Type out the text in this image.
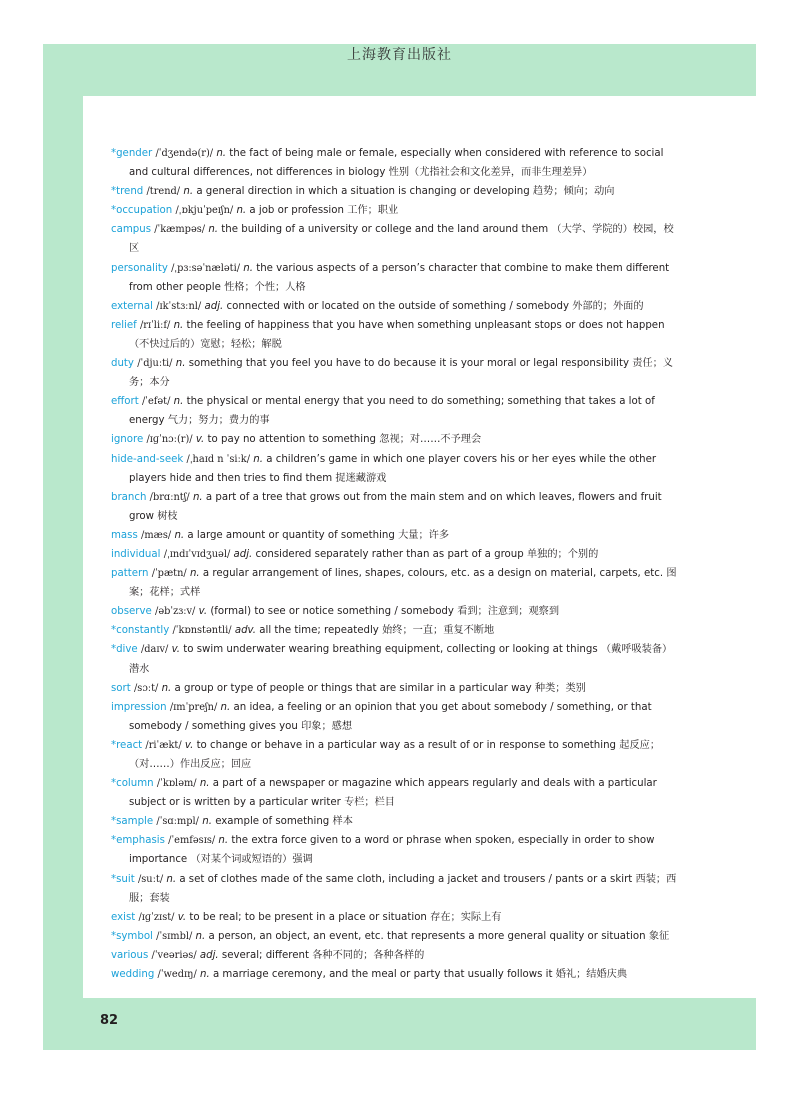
上海教育出版社
*gender /ˈdʒendə(r)/ n. the fact of being male or female, especially when considered with reference to social and cultural differences, not differences in biology 性别（尤指社会和文化差异，而非生理差异）
*trend /trend/ n. a general direction in which a situation is changing or developing 趋势；倾向；动向
*occupation /ˌɒkjuˈpeɪʃn/ n. a job or profession 工作；职业
campus /ˈkæmpəs/ n. the building of a university or college and the land around them （大学、学院的）校园，校区
personality /ˌpɜːsəˈnæləti/ n. the various aspects of a person’s character that combine to make them different from other people 性格；个性；人格
external /ɪkˈstɜːnl/ adj. connected with or located on the outside of something / somebody 外部的；外面的
relief /rɪˈliːf/ n. the feeling of happiness that you have when something unpleasant stops or does not happen （不快过后的）宽慰；轻松；解脱
duty /ˈdjuːti/ n. something that you feel you have to do because it is your moral or legal responsibility 责任；义务；本分
effort /ˈefət/ n. the physical or mental energy that you need to do something; something that takes a lot of energy 气力；努力；费力的事
ignore /ɪɡˈnɔː(r)/ v. to pay no attention to something 忽视；对……不予理会
hide-and-seek /ˌhaɪd n ˈsiːk/ n. a children’s game in which one player covers his or her eyes while the other players hide and then tries to find them 捉迷藏游戏
branch /brɑːntʃ/ n. a part of a tree that grows out from the main stem and on which leaves, flowers and fruit grow 树枝
mass /mæs/ n. a large amount or quantity of something 大量；许多
individual /ˌɪndɪˈvɪdʒuəl/ adj. considered separately rather than as part of a group 单独的；个别的
pattern /ˈpætn/ n. a regular arrangement of lines, shapes, colours, etc. as a design on material, carpets, etc. 图案；花样；式样
observe /əbˈzɜːv/ v. (formal) to see or notice something / somebody 看到；注意到；观察到
*constantly /ˈkɒnstəntli/ adv. all the time; repeatedly 始终；一直；重复不断地
*dive /daɪv/ v. to swim underwater wearing breathing equipment, collecting or looking at things （戴呼吸装备）潜水
sort /sɔːt/ n. a group or type of people or things that are similar in a particular way 种类；类别
impression /ɪmˈpreʃn/ n. an idea, a feeling or an opinion that you get about somebody / something, or that somebody / something gives you 印象；感想
*react /riˈækt/ v. to change or behave in a particular way as a result of or in response to something 起反应；（对……）作出反应；回应
*column /ˈkɒləm/ n. a part of a newspaper or magazine which appears regularly and deals with a particular subject or is written by a particular writer 专栏；栏目
*sample /ˈsɑːmpl/ n. example of something 样本
*emphasis /ˈemfəsɪs/ n. the extra force given to a word or phrase when spoken, especially in order to show importance （对某个词或短语的）强调
*suit /suːt/ n. a set of clothes made of the same cloth, including a jacket and trousers / pants or a skirt 西装；西服；套装
exist /ɪɡˈzɪst/ v. to be real; to be present in a place or situation 存在；实际上有
*symbol /ˈsɪmbl/ n. a person, an object, an event, etc. that represents a more general quality or situation 象征
various /ˈveəriəs/ adj. several; different 各种不同的；各种各样的
wedding /ˈwedɪŋ/ n. a marriage ceremony, and the meal or party that usually follows it 婚礼；结婚庆典
82
